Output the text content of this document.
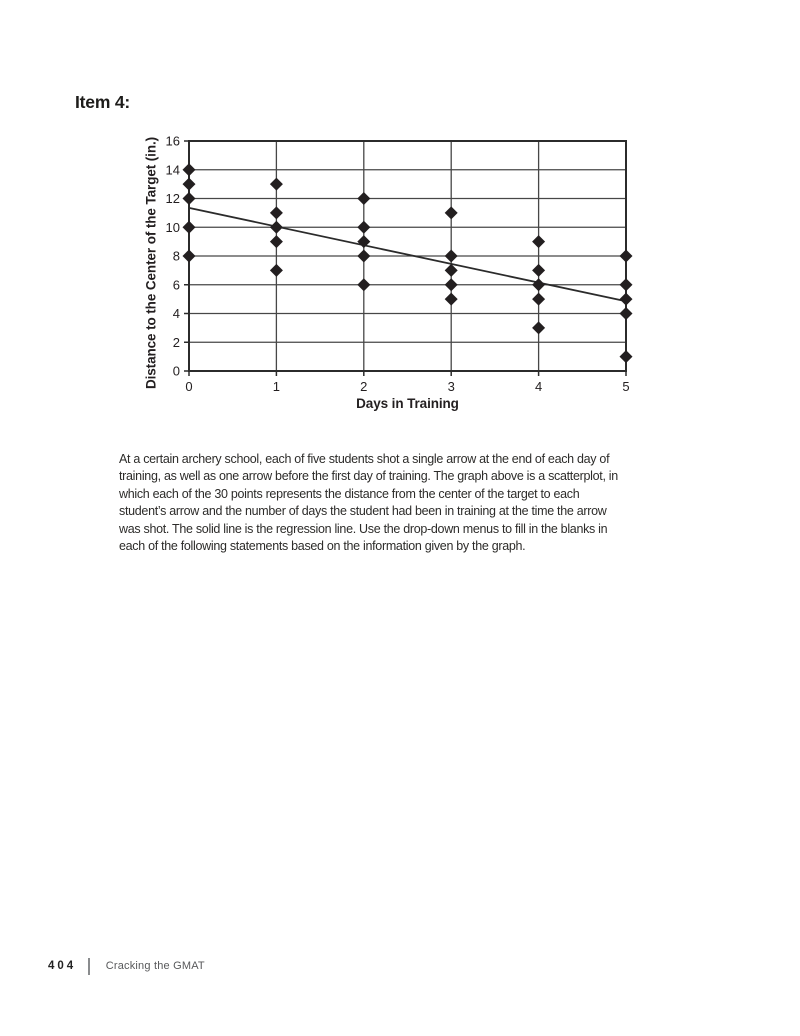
Item 4:
0	1	2	3	4	5
0
2
4
6
8
10
12
14
16
Distance to the Center of the Target (in.)
Days in Training

At a certain archery school, each of five students shot a single arrow at the end of each day of training, as well as one arrow before the first day of training. The graph above is a scatterplot, in which each of the 30 points represents the distance from the center of the target to each student’s arrow and the number of days the student had been in training at the time the arrow was shot. The solid line is the regression line. Use the drop-down menus to fill in the blanks in each of the following statements based on the information given by the graph.

404	Cracking the GMAT
